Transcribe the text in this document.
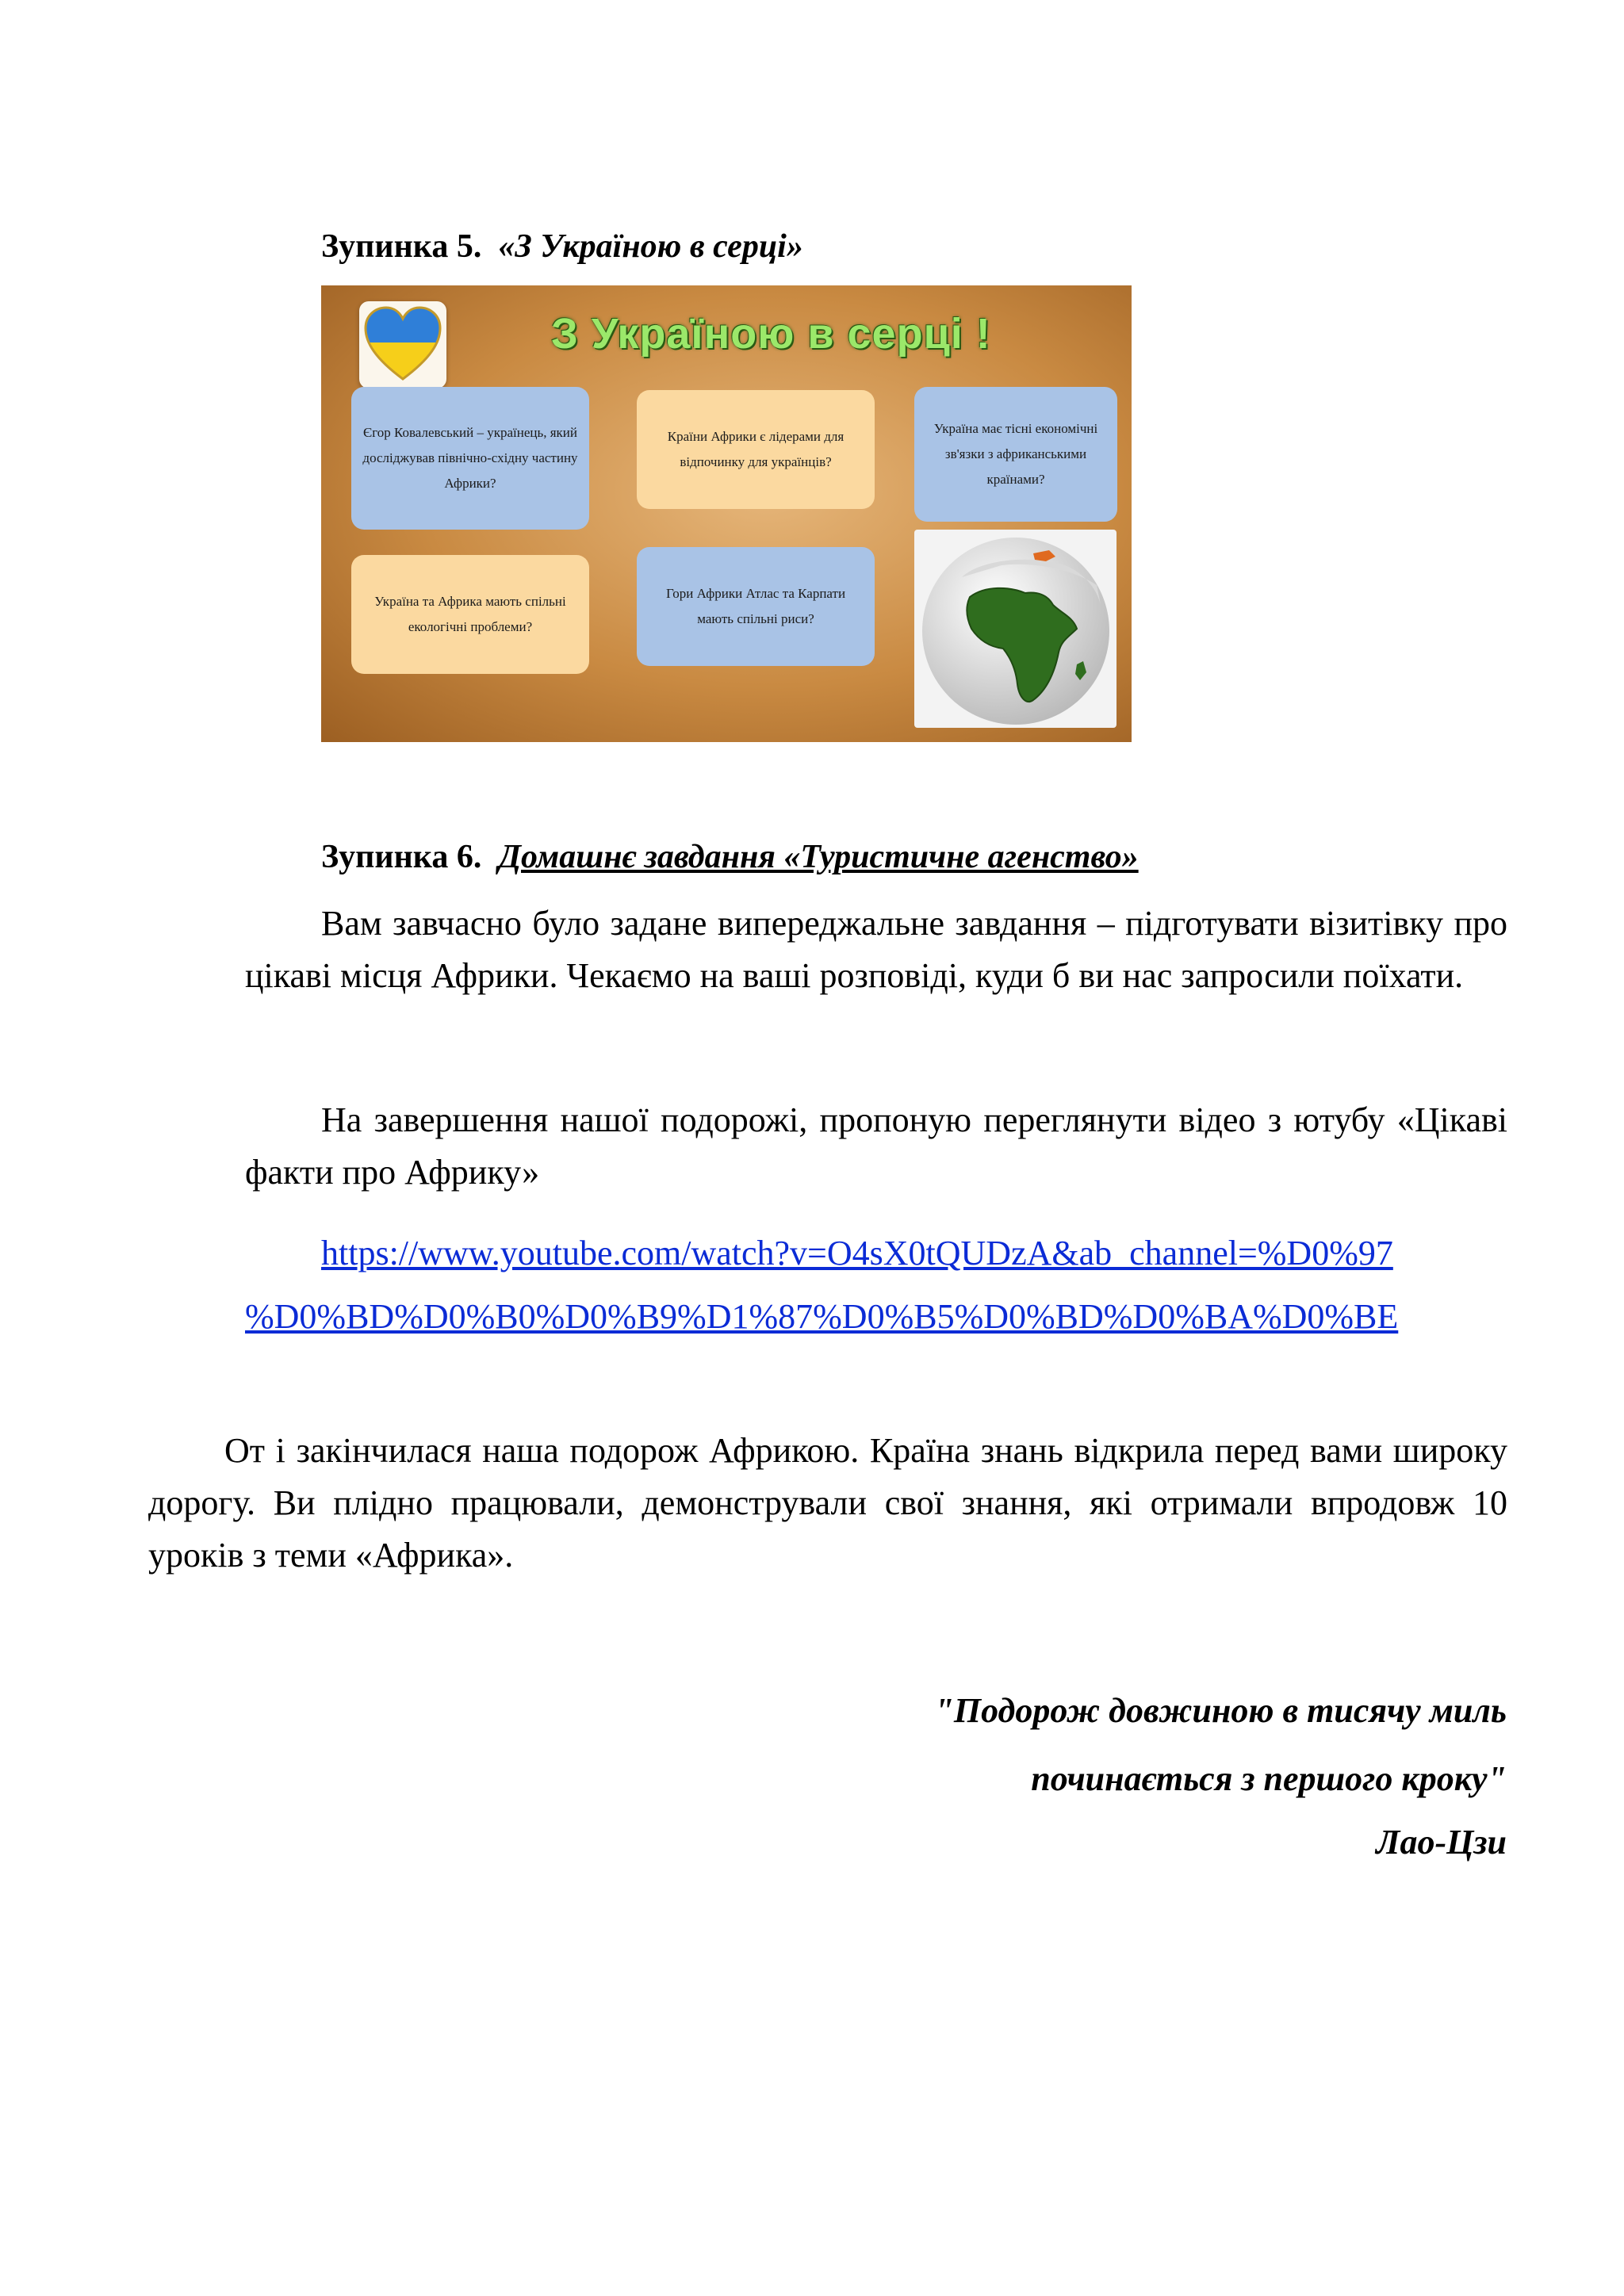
Зупинка 5. «З Україною в серці»
З Україною в серці !
Єгор Ковалевський – українець, який досліджував північно-східну частину Африки?
Країни Африки є лідерами для відпочинку для українців?
Україна має тісні економічні зв'язки з африканськими країнами?
Україна та Африка мають спільні екологічні проблеми?
Гори Африки Атлас та Карпати мають спільні риси?
Зупинка 6. Домашнє завдання «Туристичне агенство»
Вам завчасно було задане випереджальне завдання – підготувати візитівку про цікаві місця Африки. Чекаємо на ваші розповіді, куди б ви нас запросили поїхати.
На завершення нашої подорожі, пропоную переглянути відео з ютубу «Цікаві факти про Африку»
https://www.youtube.com/watch?v=O4sX0tQUDzA&ab_channel=%D0%97
%D0%BD%D0%B0%D0%B9%D1%87%D0%B5%D0%BD%D0%BA%D0%BE
От і закінчилася наша подорож Африкою. Країна знань відкрила перед вами широку дорогу. Ви плідно працювали, демонстрували свої знання, які отримали впродовж 10 уроків з теми «Африка».
"Подорож довжиною в тисячу миль
починається з першого кроку"
Лао-Цзи
